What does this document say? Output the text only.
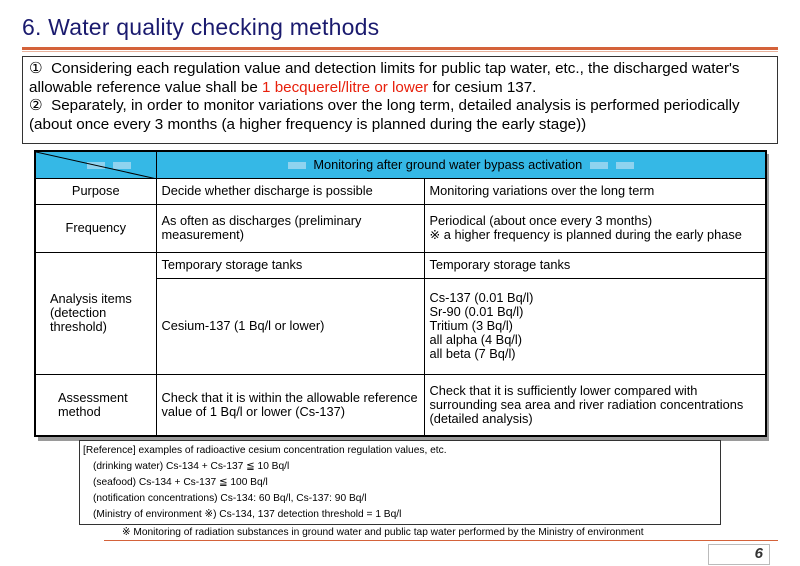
6. Water quality checking methods

① Considering each regulation value and detection limits for public tap water, etc., the discharged water's allowable reference value shall be 1 becquerel/litre or lower for cesium 137.

② Separately, in order to monitor variations over the long term, detailed analysis is performed periodically (about once every 3 months (a higher frequency is planned during the early stage))

	Monitoring after ground water bypass activation	
Purpose	Decide whether discharge is possible	Monitoring variations over the long term
Frequency	As often as discharges (preliminary measurement)	Periodical (about once every 3 months)
※ a higher frequency is planned during the early phase

Analysis items (detection threshold)	Temporary storage tanks	Temporary storage tanks
	Cesium-137 (1 Bq/l or lower)	Cs-137 (0.01 Bq/l)
Sr-90 (0.01 Bq/l)
Tritium (3 Bq/l)
all alpha (4 Bq/l)
all beta (7 Bq/l)

Assessment method	Check that it is within the allowable reference value of 1 Bq/l or lower (Cs-137)	Check that it is sufficiently lower compared with surrounding sea area and river radiation concentrations (detailed analysis)
[Reference] examples of radioactive cesium concentration regulation values, etc.
(drinking water) Cs-134 + Cs-137 ≦ 10 Bq/l
(seafood) Cs-134 + Cs-137 ≦ 100 Bq/l
(notification concentrations) Cs-134: 60 Bq/l, Cs-137: 90 Bq/l
(Ministry of environment ※) Cs-134, 137 detection threshold = 1 Bq/l
※ Monitoring of radiation substances in ground water and public tap water performed by the Ministry of environment
6
